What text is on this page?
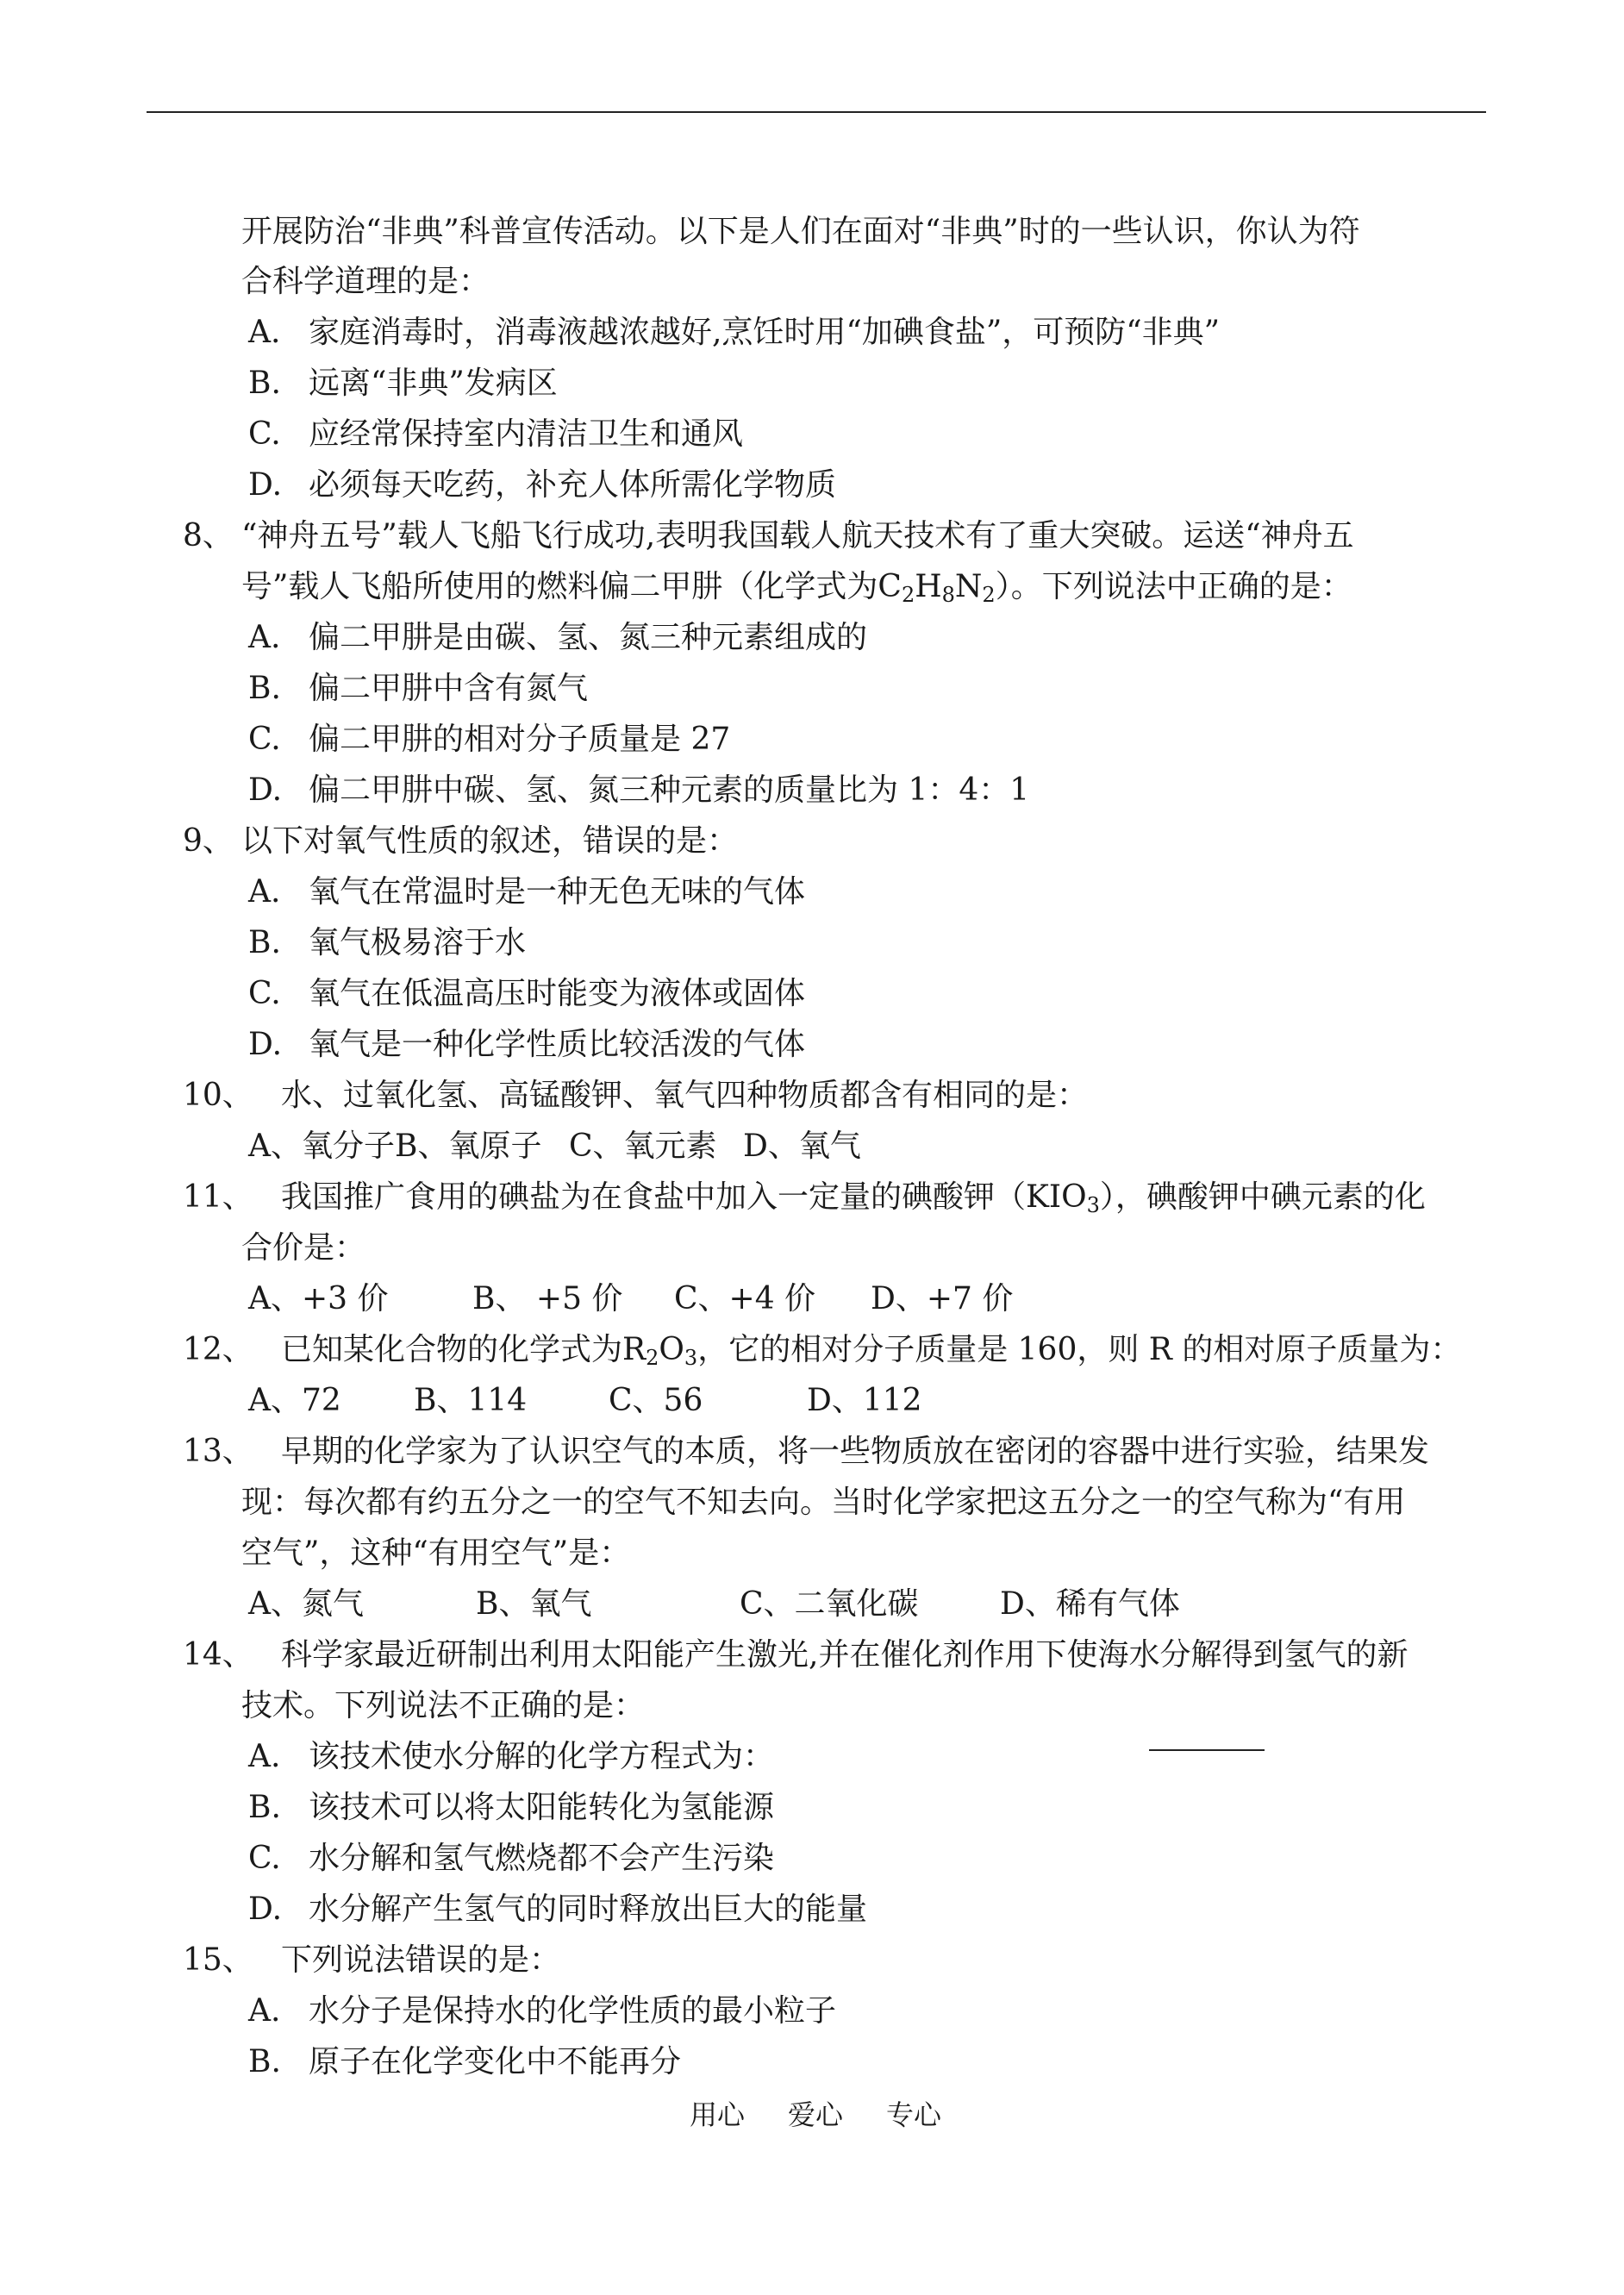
开展防治“非典”科普宣传活动。以下是人们在面对“非典”时的一些认识，你认为符
合科学道理的是：
A. 家庭消毒时，消毒液越浓越好,烹饪时用“加碘食盐”，可预防“非典”
B. 远离“非典”发病区
C. 应经常保持室内清洁卫生和通风
D. 必须每天吃药，补充人体所需化学物质
8、 “神舟五号”载人飞船飞行成功,表明我国载人航天技术有了重大突破。运送“神舟五
号”载人飞船所使用的燃料偏二甲肼（化学式为$C_2H_8N_2$）。下列说法中正确的是：
A. 偏二甲肼是由碳、氢、氮三种元素组成的
B. 偏二甲肼中含有氮气
C. 偏二甲肼的相对分子质量是 27
D. 偏二甲肼中碳、氢、氮三种元素的质量比为 1：4：1
9、 以下对氧气性质的叙述，错误的是：
A. 氧气在常温时是一种无色无味的气体
B. 氧气极易溶于水
C. 氧气在低温高压时能变为液体或固体
D. 氧气是一种化学性质比较活泼的气体
10、 水、过氧化氢、高锰酸钾、氧气四种物质都含有相同的是：
A、氧分子 B、氧原子 C、氧元素 D、氧气
11、 我国推广食用的碘盐为在食盐中加入一定量的碘酸钾$(KIO_3)$，碘酸钾中碘元素的化
合价是：
A、+3 价	B、 +5 价 C、+4 价 D、+7 价
12、 已知某化合物的化学式为$R_2O_3$，它的相对分子质量是 160，则 R 的相对原子质量为：
A、72 B、114	C、56	D、112
13、 早期的化学家为了认识空气的本质，将一些物质放在密闭的容器中进行实验，结果发
现：每次都有约五分之一的空气不知去向。当时化学家把这五分之一的空气称为“有用
空气”，这种“有用空气”是：
A、氮气	B、氧气	C、二氧化碳	D、稀有气体
14、 科学家最近研制出利用太阳能产生激光,并在催化剂作用下使海水分解得到氢气的新
技术。下列说法不正确的是：
A. 该技术使水分解的化学方程式为：
B. 该技术可以将太阳能转化为氢能源
C. 水分解和氢气燃烧都不会产生污染
D. 水分解产生氢气的同时释放出巨大的能量
15、 下列说法错误的是：
A. 水分子是保持水的化学性质的最小粒子
B. 原子在化学变化中不能再分
用心 爱心 专心
